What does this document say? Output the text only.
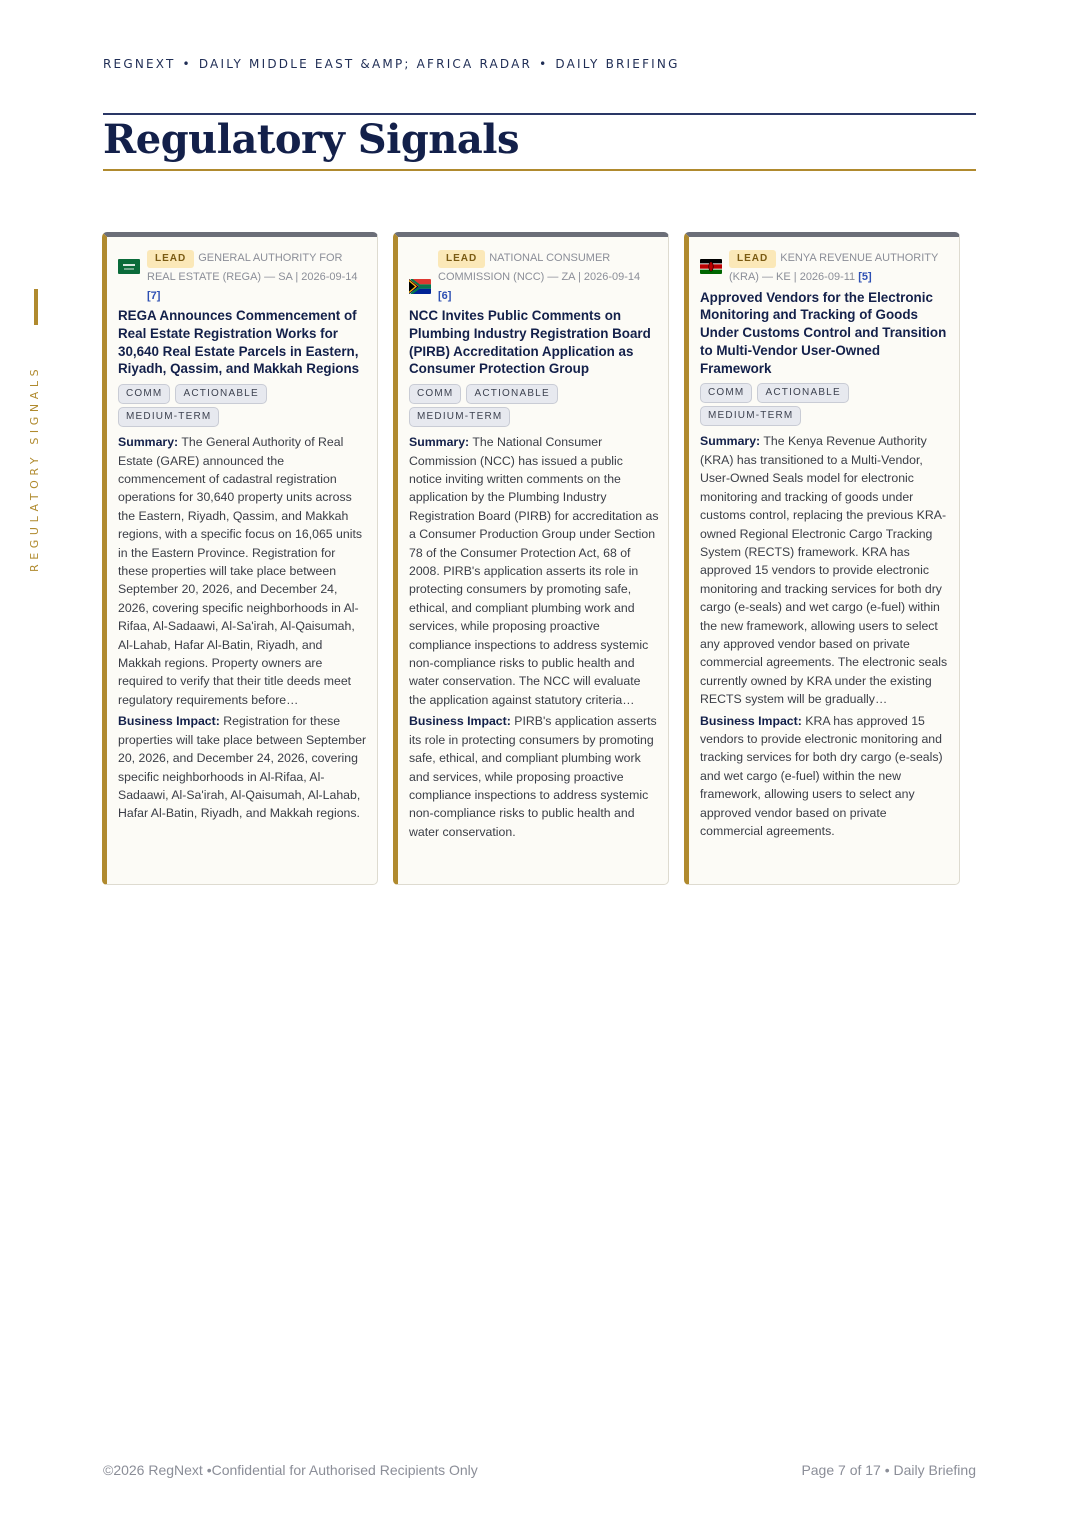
REGNEXT • DAILY MIDDLE EAST &AMP; AFRICA RADAR • DAILY BRIEFING
Regulatory Signals
REGULATORY SIGNALS
LEAD GENERAL AUTHORITY FOR REAL ESTATE (REGA) — SA | 2026-09-14 [7]
REGA Announces Commencement of Real Estate Registration Works for 30,640 Real Estate Parcels in Eastern, Riyadh, Qassim, and Makkah Regions
COMM ACTIONABLEMEDIUM-TERM
Summary: The General Authority of Real Estate (GARE) announced the commencement of cadastral registration operations for 30,640 property units across the Eastern, Riyadh, Qassim, and Makkah regions, with a specific focus on 16,065 units in the Eastern Province. Registration for these properties will take place between September 20, 2026, and December 24, 2026, covering specific neighborhoods in Al-Rifaa, Al-Sadaawi, Al-Sa'irah, Al-Qaisumah, Al-Lahab, Hafar Al-Batin, Riyadh, and Makkah regions. Property owners are required to verify that their title deeds meet regulatory requirements before…
Business Impact: Registration for these properties will take place between September 20, 2026, and December 24, 2026, covering specific neighborhoods in Al-Rifaa, Al-Sadaawi, Al-Sa'irah, Al-Qaisumah, Al-Lahab, Hafar Al-Batin, Riyadh, and Makkah regions.
LEAD NATIONAL CONSUMER COMMISSION (NCC) — ZA | 2026-09-14
[6]
NCC Invites Public Comments on Plumbing Industry Registration Board (PIRB) Accreditation Application as Consumer Protection Group
COMM ACTIONABLEMEDIUM-TERM
Summary: The National Consumer Commission (NCC) has issued a public notice inviting written comments on the application by the Plumbing Industry Registration Board (PIRB) for accreditation as a Consumer Production Group under Section 78 of the Consumer Protection Act, 68 of 2008. PIRB's application asserts its role in protecting consumers by promoting safe, ethical, and compliant plumbing work and services, while proposing proactive compliance inspections to address systemic non-compliance risks to public health and water conservation. The NCC will evaluate the application against statutory criteria…
Business Impact: PIRB's application asserts its role in protecting consumers by promoting safe, ethical, and compliant plumbing work and services, while proposing proactive compliance inspections to address systemic non-compliance risks to public health and water conservation.
LEAD KENYA REVENUE AUTHORITY (KRA) — KE | 2026-09-11 [5]
Approved Vendors for the Electronic Monitoring and Tracking of Goods Under Customs Control and Transition to Multi-Vendor User-Owned Framework
COMM ACTIONABLEMEDIUM-TERM
Summary: The Kenya Revenue Authority (KRA) has transitioned to a Multi-Vendor, User-Owned Seals model for electronic monitoring and tracking of goods under customs control, replacing the previous KRA-owned Regional Electronic Cargo Tracking System (RECTS) framework. KRA has approved 15 vendors to provide electronic monitoring and tracking services for both dry cargo (e-seals) and wet cargo (e-fuel) within the new framework, allowing users to select any approved vendor based on private commercial agreements. The electronic seals currently owned by KRA under the existing RECTS system will be gradually…
Business Impact: KRA has approved 15 vendors to provide electronic monitoring and tracking services for both dry cargo (e-seals) and wet cargo (e-fuel) within the new framework, allowing users to select any approved vendor based on private commercial agreements.
©2026 RegNext •Confidential for Authorised Recipients Only	Page 7 of 17 • Daily Briefing
